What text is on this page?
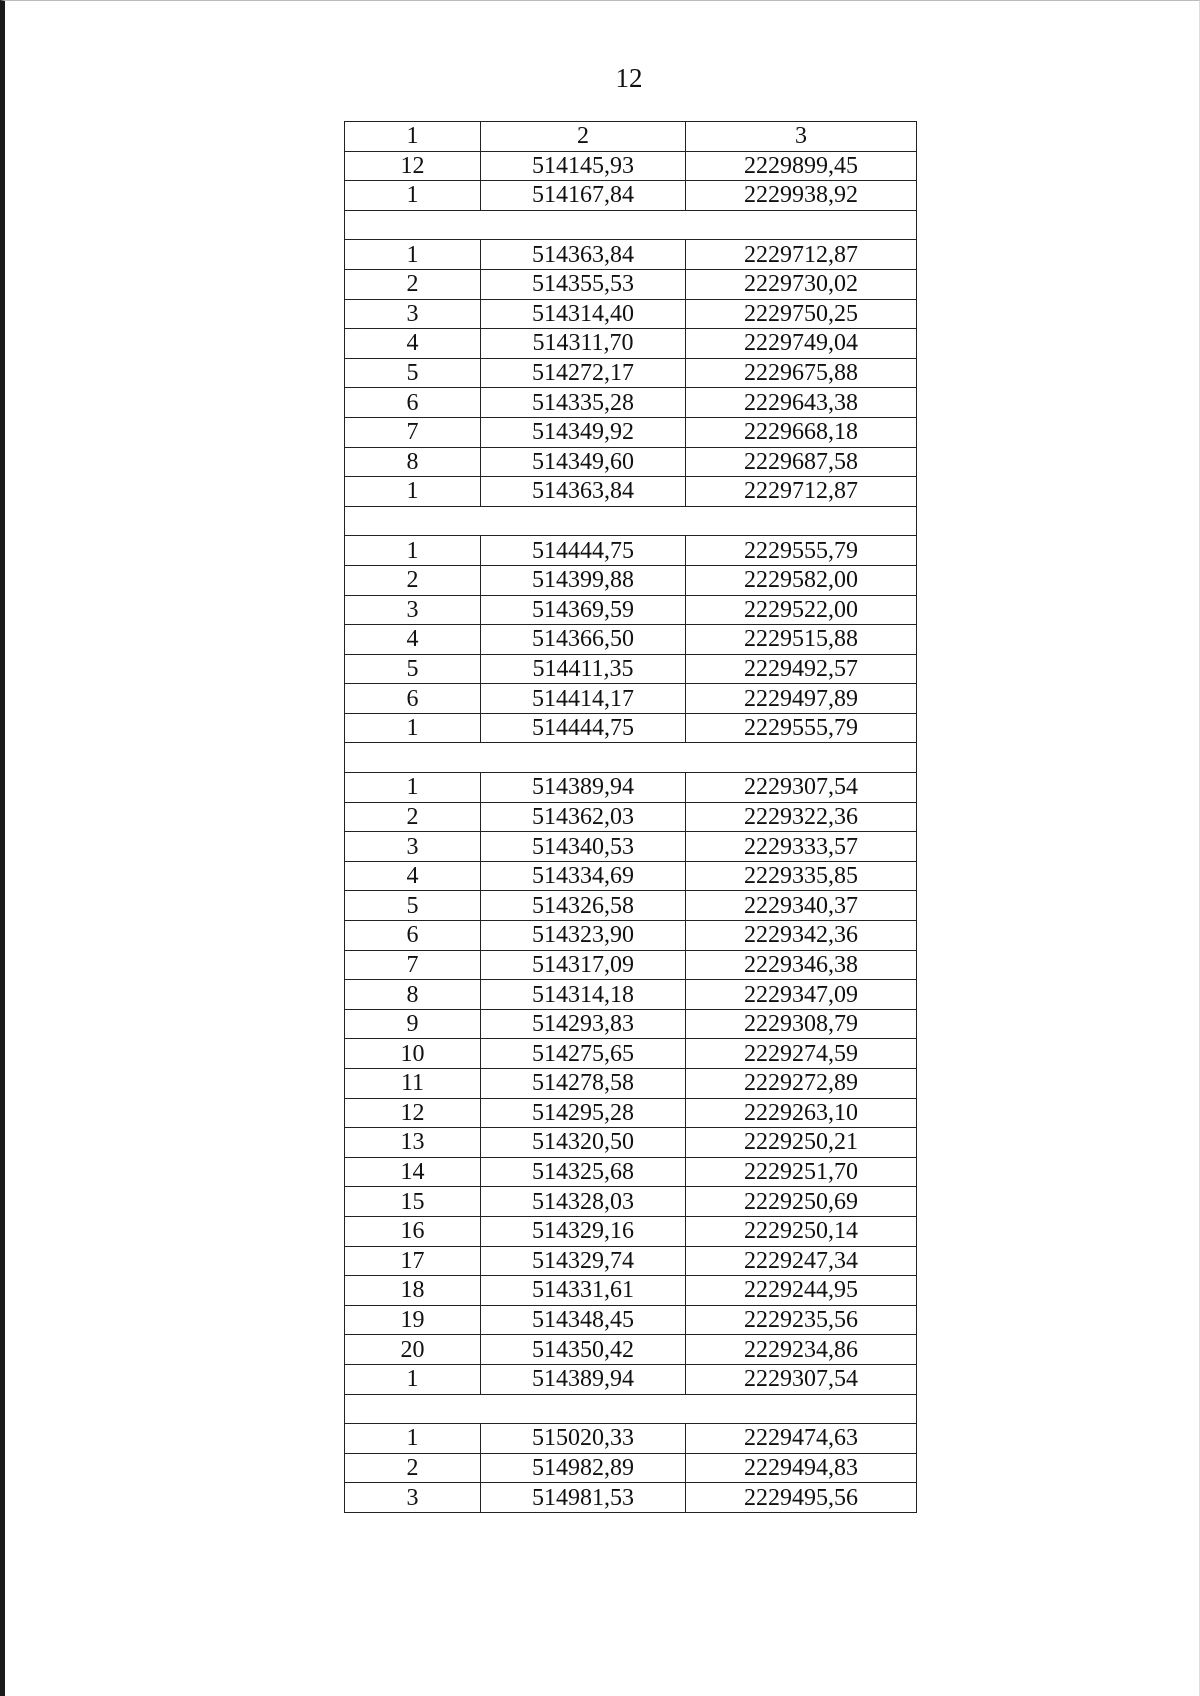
12
1	2	3
12	514145,93	2229899,45
1	514167,84	2229938,92

1	514363,84	2229712,87
2	514355,53	2229730,02
3	514314,40	2229750,25
4	514311,70	2229749,04
5	514272,17	2229675,88
6	514335,28	2229643,38
7	514349,92	2229668,18
8	514349,60	2229687,58
1	514363,84	2229712,87

1	514444,75	2229555,79
2	514399,88	2229582,00
3	514369,59	2229522,00
4	514366,50	2229515,88
5	514411,35	2229492,57
6	514414,17	2229497,89
1	514444,75	2229555,79

1	514389,94	2229307,54
2	514362,03	2229322,36
3	514340,53	2229333,57
4	514334,69	2229335,85
5	514326,58	2229340,37
6	514323,90	2229342,36
7	514317,09	2229346,38
8	514314,18	2229347,09
9	514293,83	2229308,79
10	514275,65	2229274,59
11	514278,58	2229272,89
12	514295,28	2229263,10
13	514320,50	2229250,21
14	514325,68	2229251,70
15	514328,03	2229250,69
16	514329,16	2229250,14
17	514329,74	2229247,34
18	514331,61	2229244,95
19	514348,45	2229235,56
20	514350,42	2229234,86
1	514389,94	2229307,54

1	515020,33	2229474,63
2	514982,89	2229494,83
3	514981,53	2229495,56
